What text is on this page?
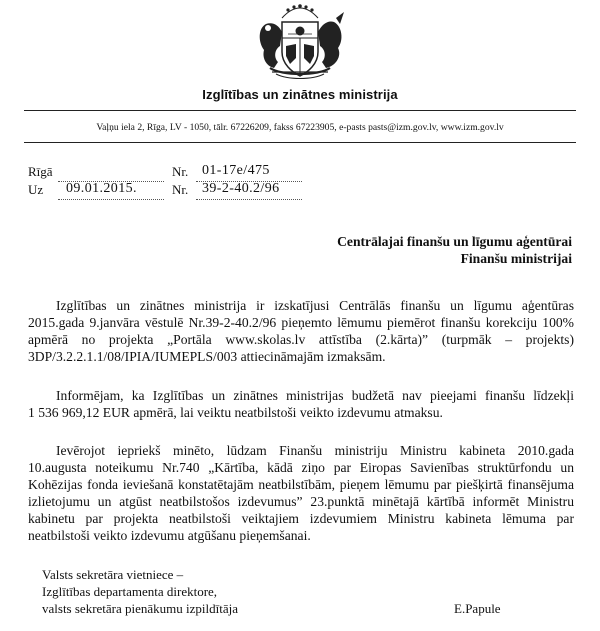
Izglītības un zinātnes ministrija
Vaļņu iela 2, Rīga, LV - 1050, tālr. 67226209, fakss 67223905, e-pasts pasts@izm.gov.lv, www.izm.gov.lv
Rīgā	Nr. 01-17e/475
Uz 09.01.2015.	Nr. 39-2-40.2/96
Centrālajai finanšu un līgumu aģentūrai
Finanšu ministrijai
Izglītības un zinātnes ministrija ir izskatījusi Centrālās finanšu un līgumu aģentūras
2015.gada 9.janvāra vēstulē Nr.39-2-40.2/96 pieņemto lēmumu piemērot finanšu korekciju 100%
apmērā no projekta „Portāla www.skolas.lv attīstība (2.kārta)” (turpmāk – projekts)
3DP/3.2.2.1.1/08/IPIA/IUMEPLS/003 attiecināmajām izmaksām.
Informējam, ka Izglītības un zinātnes ministrijas budžetā nav pieejami finanšu līdzekļi
1 536 969,12 EUR apmērā, lai veiktu neatbilstoši veikto izdevumu atmaksu.
Ievērojot iepriekš minēto, lūdzam Finanšu ministriju Ministru kabineta 2010.gada
10.augusta noteikumu Nr.740 „Kārtība, kādā ziņo par Eiropas Savienības struktūrfondu un
Kohēzijas fonda ieviešanā konstatētajām neatbilstībām, pieņem lēmumu par piešķirtā finansējuma
izlietojumu un atgūst neatbilstošos izdevumus” 23.punktā minētajā kārtībā informēt Ministru
kabinetu par projekta neatbilstoši veiktajiem izdevumiem Ministru kabineta lēmuma par
neatbilstoši veikto izdevumu atgūšanu pieņemšanai.
Valsts sekretāra vietniece –
Izglītības departamenta direktore,
valsts sekretāra pienākumu izpildītāja	E.Papule
